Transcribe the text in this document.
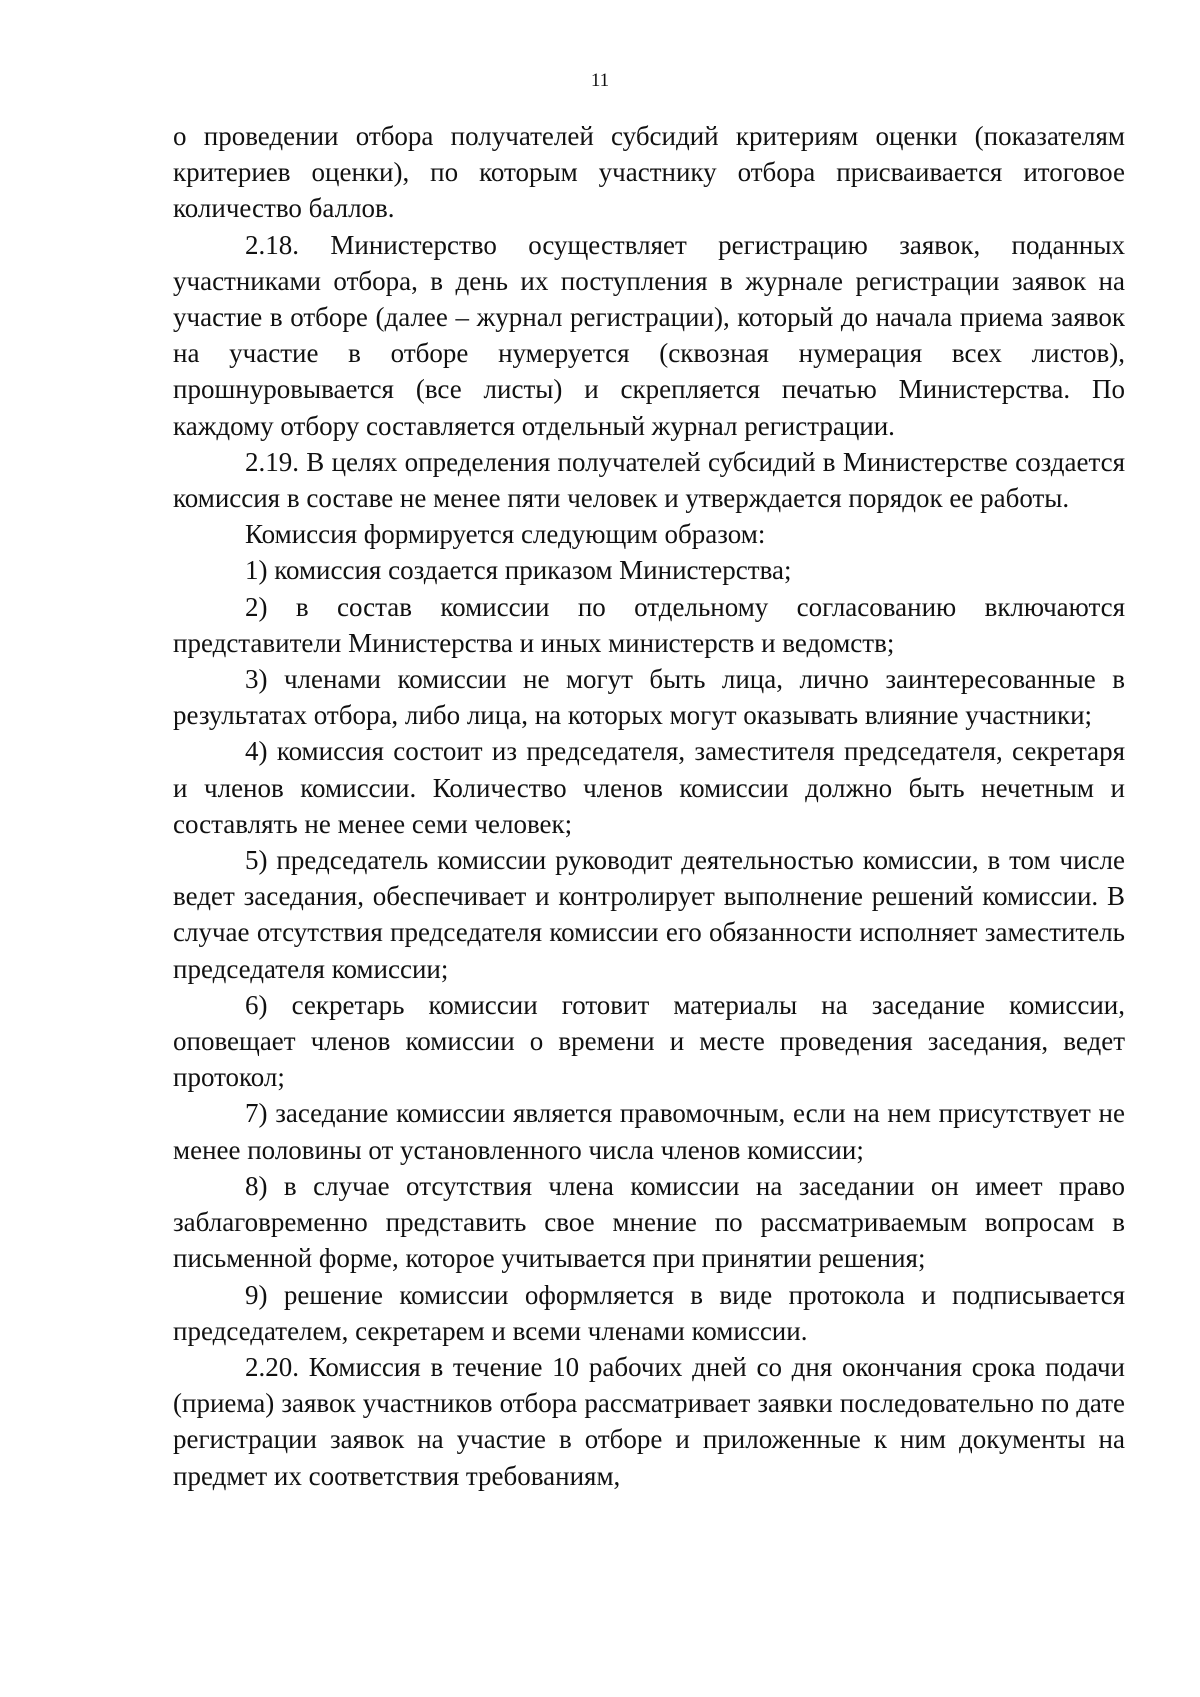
11

о проведении отбора получателей субсидий критериям оценки (показателям критериев оценки), по которым участнику отбора присваивается итоговое количество баллов.

2.18. Министерство осуществляет регистрацию заявок, поданных участниками отбора, в день их поступления в журнале регистрации заявок на участие в отборе (далее – журнал регистрации), который до начала приема заявок на участие в отборе нумеруется (сквозная нумерация всех листов), прошнуровывается (все листы) и скрепляется печатью Министерства. По каждому отбору составляется отдельный журнал регистрации.

2.19. В целях определения получателей субсидий в Министерстве создается комиссия в составе не менее пяти человек и утверждается порядок ее работы.

Комиссия формируется следующим образом:

1) комиссия создается приказом Министерства;

2) в состав комиссии по отдельному согласованию включаются представители Министерства и иных министерств и ведомств;

3) членами комиссии не могут быть лица, лично заинтересованные в результатах отбора, либо лица, на которых могут оказывать влияние участники;

4) комиссия состоит из председателя, заместителя председателя, секретаря и членов комиссии. Количество членов комиссии должно быть нечетным и составлять не менее семи человек;

5) председатель комиссии руководит деятельностью комиссии, в том числе ведет заседания, обеспечивает и контролирует выполнение решений комиссии. В случае отсутствия председателя комиссии его обязанности исполняет заместитель председателя комиссии;

6) секретарь комиссии готовит материалы на заседание комиссии, оповещает членов комиссии о времени и месте проведения заседания, ведет протокол;

7) заседание комиссии является правомочным, если на нем присутствует не менее половины от установленного числа членов комиссии;

8) в случае отсутствия члена комиссии на заседании он имеет право заблаговременно представить свое мнение по рассматриваемым вопросам в письменной форме, которое учитывается при принятии решения;

9) решение комиссии оформляется в виде протокола и подписывается председателем, секретарем и всеми членами комиссии.

2.20. Комиссия в течение 10 рабочих дней со дня окончания срока подачи (приема) заявок участников отбора рассматривает заявки последовательно по дате регистрации заявок на участие в отборе и приложенные к ним документы на предмет их соответствия требованиям,
